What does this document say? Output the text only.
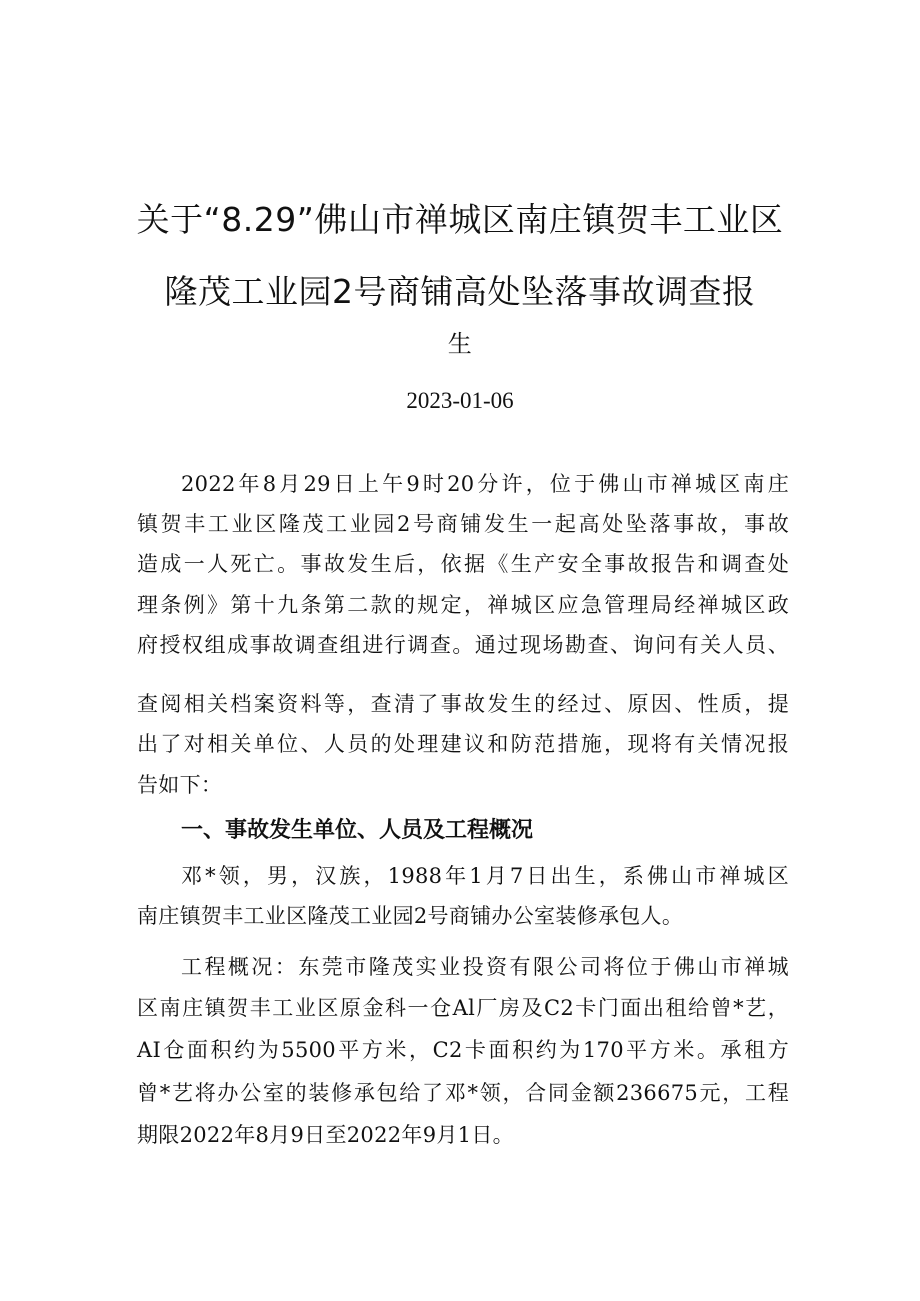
关于“8.29”佛山市禅城区南庄镇贺丰工业区
隆茂工业园2号商铺高处坠落事故调查报
生
2023-01-06
2022年8月29日上午9时20分许，位于佛山市禅城区南庄
镇贺丰工业区隆茂工业园2号商铺发生一起高处坠落事故，事故
造成一人死亡。事故发生后，依据《生产安全事故报告和调查处
理条例》第十九条第二款的规定，禅城区应急管理局经禅城区政
府授权组成事故调查组进行调查。通过现场勘查、询问有关人员、
查阅相关档案资料等，查清了事故发生的经过、原因、性质，提
出了对相关单位、人员的处理建议和防范措施，现将有关情况报
告如下：
一、事故发生单位、人员及工程概况
邓*领，男，汉族，1988年1月7日出生，系佛山市禅城区
南庄镇贺丰工业区隆茂工业园2号商铺办公室装修承包人。
工程概况：东莞市隆茂实业投资有限公司将位于佛山市禅城
区南庄镇贺丰工业区原金科一仓Al厂房及C2卡门面出租给曾*艺，
AI仓面积约为5500平方米，C2卡面积约为170平方米。承租方
曾*艺将办公室的装修承包给了邓*领，合同金额236675元，工程
期限2022年8月9日至2022年9月1日。
